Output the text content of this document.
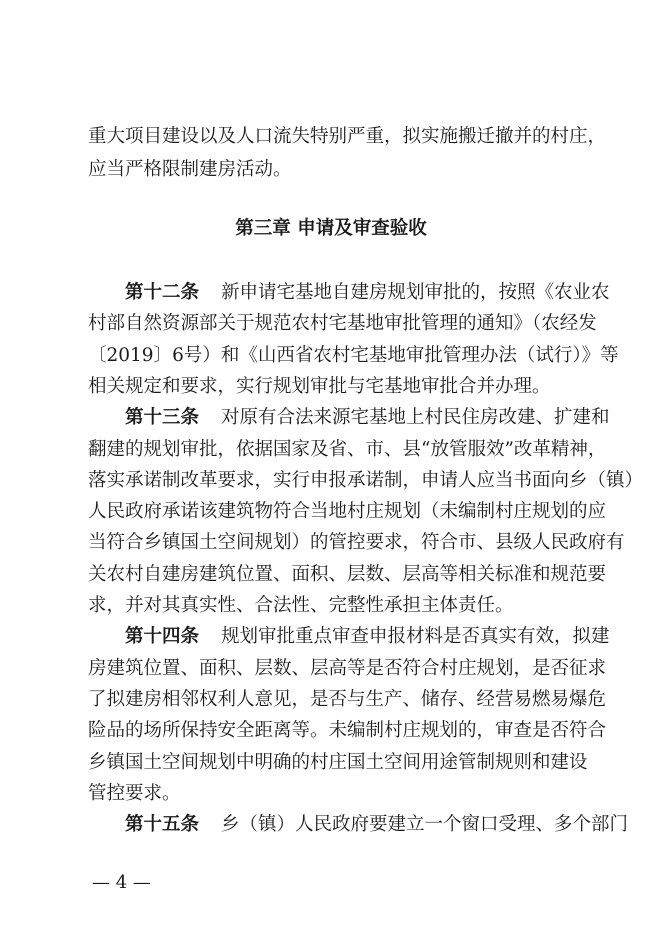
重大项目建设以及人口流失特别严重，拟实施搬迁撤并的村庄，
应当严格限制建房活动。
第三章 申请及审查验收
第十二条 新申请宅基地自建房规划审批的，按照《农业农
村部自然资源部关于规范农村宅基地审批管理的通知》（农经发
〔2019〕6号）和《山西省农村宅基地审批管理办法（试行）》等
相关规定和要求，实行规划审批与宅基地审批合并办理。
第十三条 对原有合法来源宅基地上村民住房改建、扩建和
翻建的规划审批，依据国家及省、市、县“放管服效”改革精神，
落实承诺制改革要求，实行申报承诺制，申请人应当书面向乡（镇）
人民政府承诺该建筑物符合当地村庄规划（未编制村庄规划的应
当符合乡镇国土空间规划）的管控要求，符合市、县级人民政府有
关农村自建房建筑位置、面积、层数、层高等相关标准和规范要
求，并对其真实性、合法性、完整性承担主体责任。
第十四条 规划审批重点审查申报材料是否真实有效，拟建
房建筑位置、面积、层数、层高等是否符合村庄规划，是否征求
了拟建房相邻权利人意见，是否与生产、储存、经营易燃易爆危
险品的场所保持安全距离等。未编制村庄规划的，审查是否符合
乡镇国土空间规划中明确的村庄国土空间用途管制规则和建设
管控要求。
第十五条 乡（镇）人民政府要建立一个窗口受理、多个部门
— 4 —
